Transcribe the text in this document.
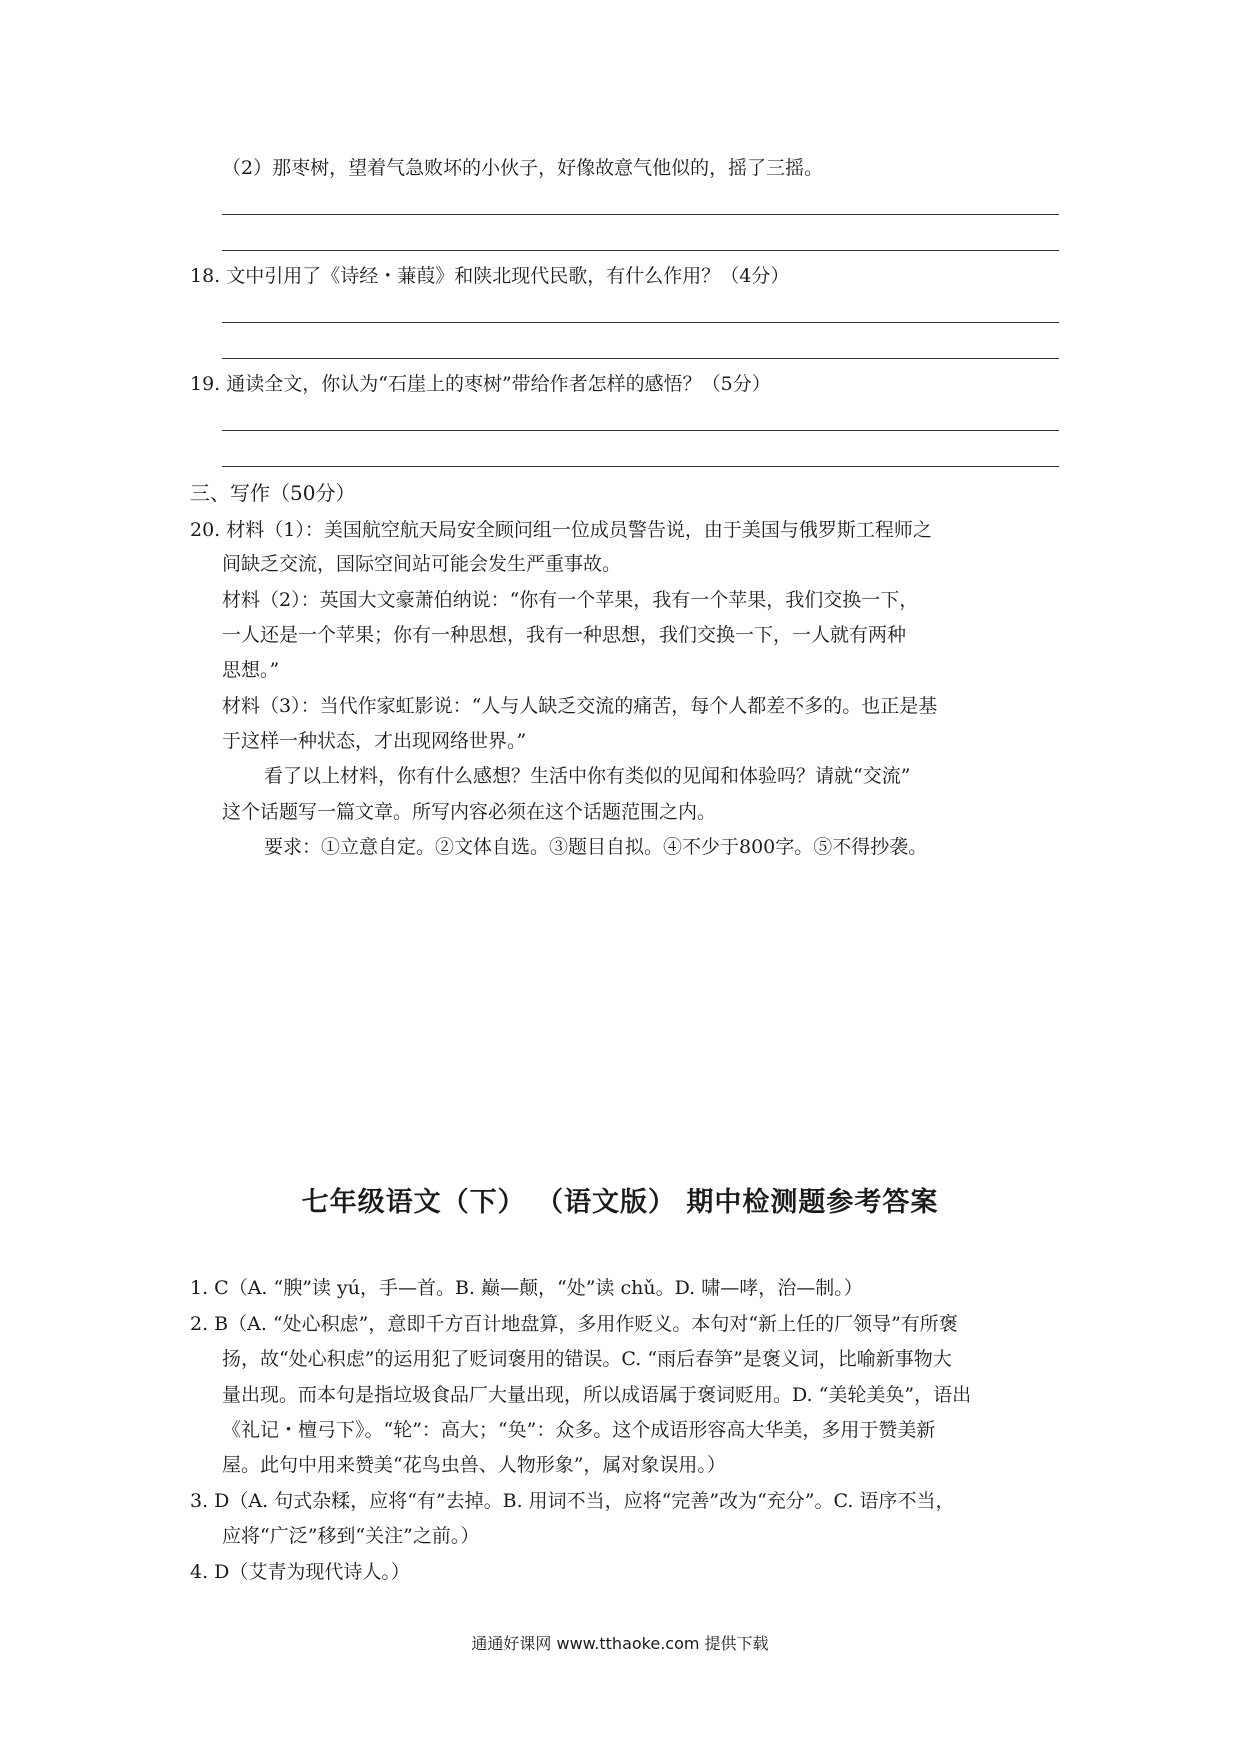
（2）那枣树，望着气急败坏的小伙子，好像故意气他似的，摇了三摇。
18. 文中引用了《诗经・蒹葭》和陕北现代民歌，有什么作用？（4分）
19. 通读全文，你认为“石崖上的枣树”带给作者怎样的感悟？（5分）
三、写作（50分）
20. 材料（1）：美国航空航天局安全顾问组一位成员警告说，由于美国与俄罗斯工程师之
间缺乏交流，国际空间站可能会发生严重事故。
材料（2）：英国大文豪萧伯纳说：“你有一个苹果，我有一个苹果，我们交换一下，
一人还是一个苹果；你有一种思想，我有一种思想，我们交换一下，一人就有两种
思想。”
材料（3）：当代作家虹影说：“人与人缺乏交流的痛苦，每个人都差不多的。也正是基
于这样一种状态，才出现网络世界。”
看了以上材料，你有什么感想？生活中你有类似的见闻和体验吗？请就“交流”
这个话题写一篇文章。所写内容必须在这个话题范围之内。
要求：①立意自定。②文体自选。③题目自拟。④不少于800字。⑤不得抄袭。
七年级语文（下） （语文版） 期中检测题参考答案
1. C（A. “腴”读 yú，手—首。B. 巅—颠，“处”读 chǔ。D. 啸—哮，治—制。）
2. B（A. “处心积虑”，意即千方百计地盘算，多用作贬义。本句对“新上任的厂领导”有所褒
扬，故“处心积虑”的运用犯了贬词褒用的错误。C. “雨后春笋”是褒义词，比喻新事物大
量出现。而本句是指垃圾食品厂大量出现，所以成语属于褒词贬用。D. “美轮美奂”，语出
《礼记・檀弓下》。“轮”：高大；“奂”：众多。这个成语形容高大华美，多用于赞美新
屋。此句中用来赞美“花鸟虫兽、人物形象”，属对象误用。）
3. D（A. 句式杂糅，应将“有”去掉。B. 用词不当，应将“完善”改为“充分”。C. 语序不当，
应将“广泛”移到“关注”之前。）
4. D（艾青为现代诗人。）
通通好课网 www.tthaoke.com 提供下载
